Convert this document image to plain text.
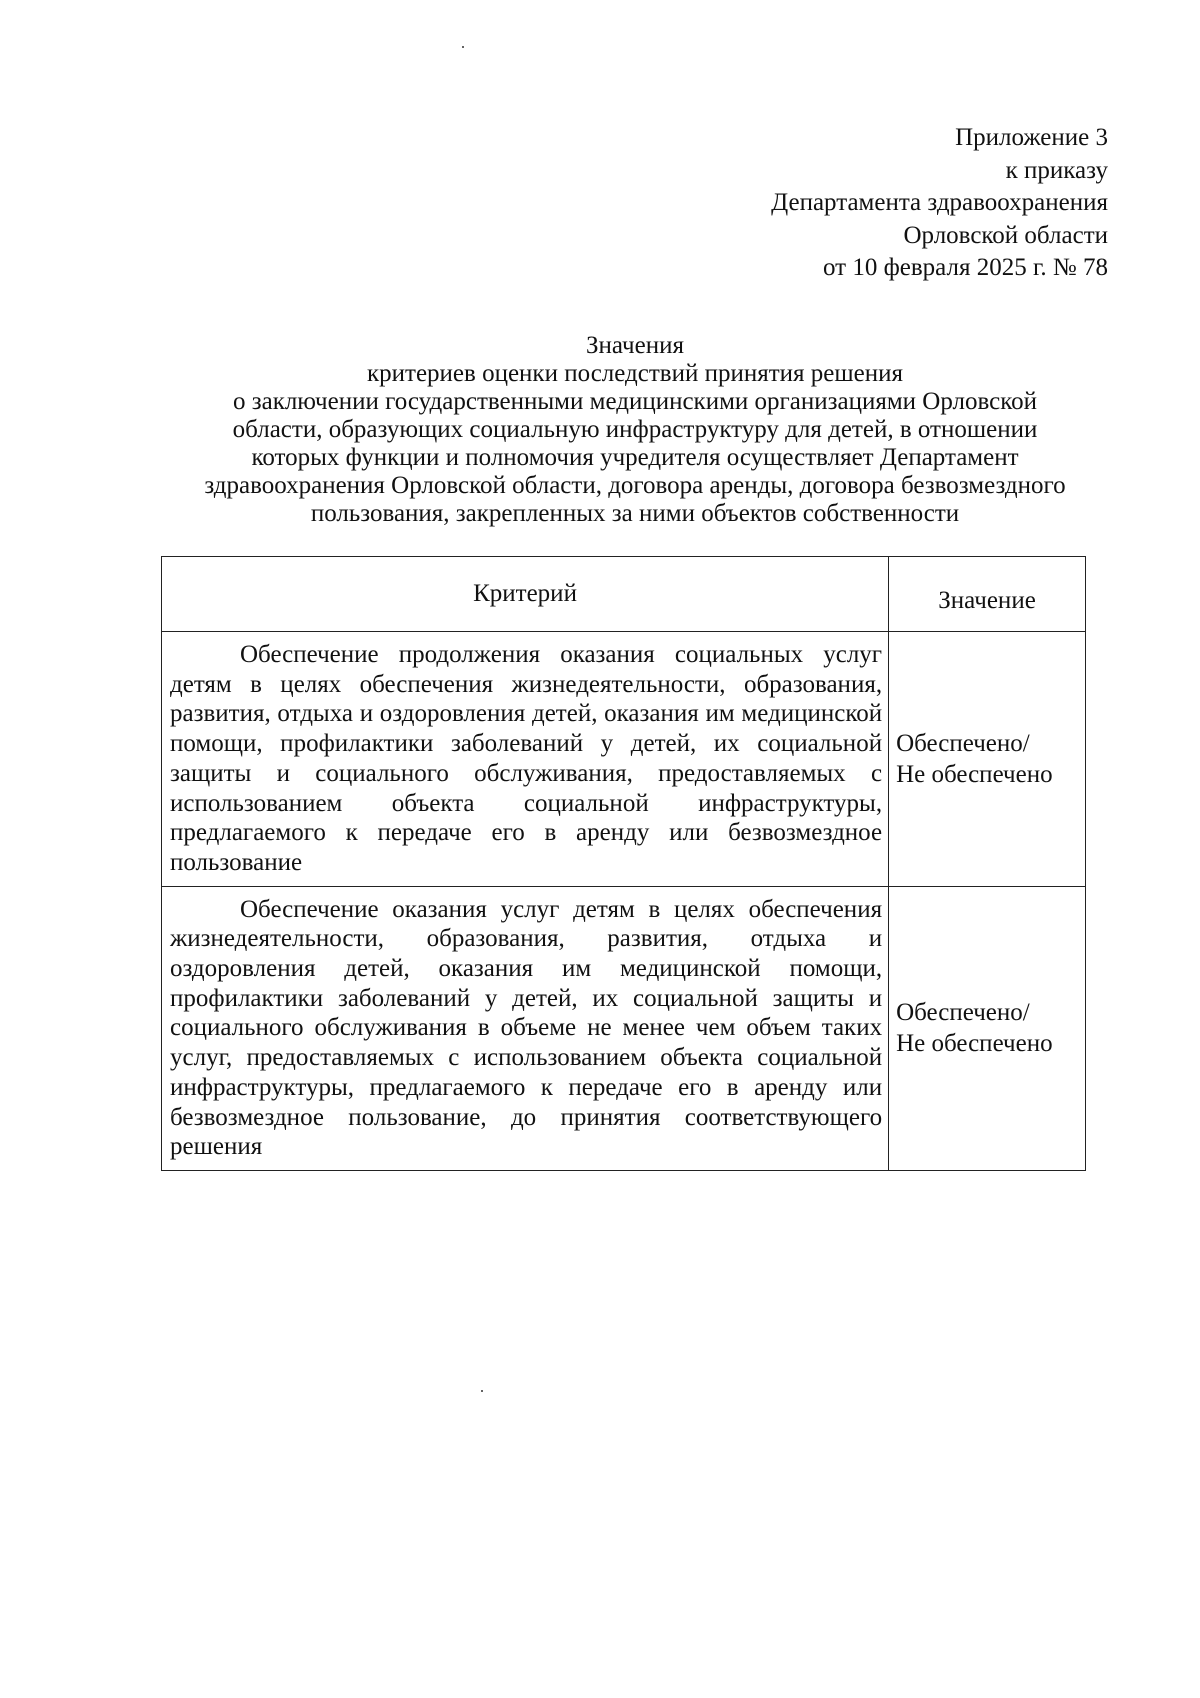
Приложение 3
к приказу
Департамента здравоохранения
Орловской области
от 10 февраля 2025 г. № 78
Значения
критериев оценки последствий принятия решения
о заключении государственными медицинскими организациями Орловской
области, образующих социальную инфраструктуру для детей, в отношении
которых функции и полномочия учредителя осуществляет Департамент
здравоохранения Орловской области, договора аренды, договора безвозмездного
пользования, закрепленных за ними объектов собственности
Критерий	Значение
Обеспечение продолжения оказания социальных услуг детям в целях обеспечения жизнедеятельности, образования, развития, отдыха и оздоровления детей, оказания им медицинской помощи, профилактики заболеваний у детей, их социальной защиты и социального обслуживания, предоставляемых с использованием объекта социальной инфраструктуры, предлагаемого к передаче его в аренду или безвозмездное пользование	Обеспечено/
Не обеспечено

Обеспечение оказания услуг детям в целях обеспечения жизнедеятельности, образования, развития, отдыха и оздоровления детей, оказания им медицинской помощи, профилактики заболеваний у детей, их социальной защиты и социального обслуживания в объеме не менее чем объем таких услуг, предоставляемых с использованием объекта социальной инфраструктуры, предлагаемого к передаче его в аренду или безвозмездное пользование, до принятия соответствующего решения	Обеспечено/
Не обеспечено
